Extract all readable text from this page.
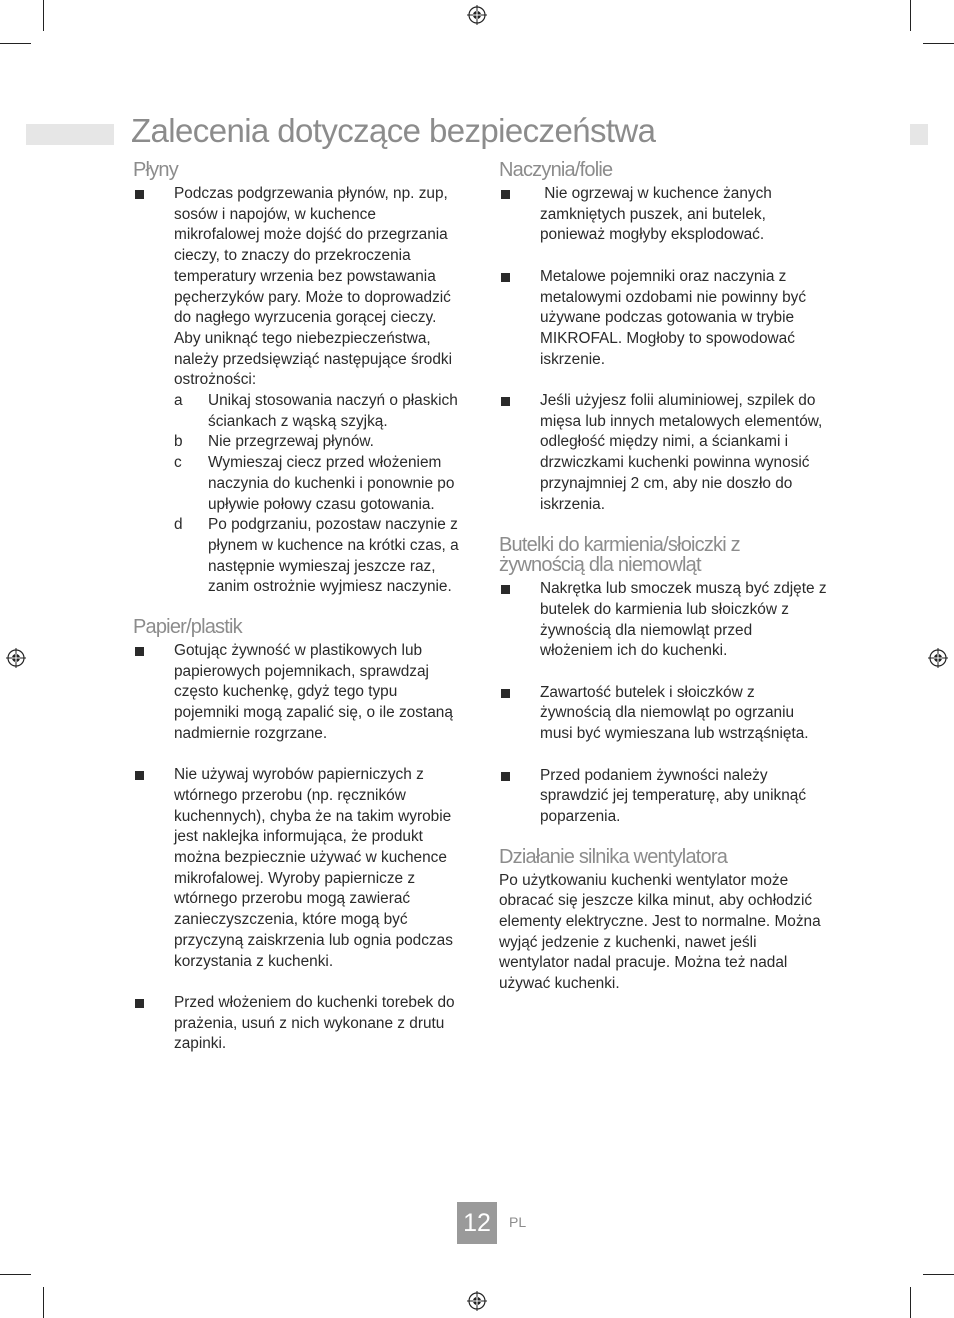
Zalecenia dotyczące bezpieczeństwa
Płyny
Podczas podgrzewania płynów, np. zup, sosów i napojów, w kuchence mikrofalowej może dojść do przegrzania cieczy, to znaczy do przekroczenia temperatury wrzenia bez powstawania pęcherzyków pary. Może to doprowadzić do nagłego wyrzucenia gorącej cieczy. Aby uniknąć tego niebezpieczeństwa, należy przedsięwziąć następujące środki ostrożności:
a Unikaj stosowania naczyń o płaskich ściankach z wąską szyjką.
b Nie przegrzewaj płynów.
c Wymieszaj ciecz przed włożeniem naczynia do kuchenki i ponownie po upływie połowy czasu gotowania.
d Po podgrzaniu, pozostaw naczynie z płynem w kuchence na krótki czas, a następnie wymieszaj jeszcze raz, zanim ostrożnie wyjmiesz naczynie.
Papier/plastik
Gotując żywność w plastikowych lub papierowych pojemnikach, sprawdzaj często kuchenkę, gdyż tego typu pojemniki mogą zapalić się, o ile zostaną nadmiernie rozgrzane.
Nie używaj wyrobów papierniczych z wtórnego przerobu (np. ręczników kuchennych), chyba że na takim wyrobie jest naklejka informująca, że produkt można bezpiecznie używać w kuchence mikrofalowej. Wyroby papiernicze z wtórnego przerobu mogą zawierać zanieczyszczenia, które mogą być przyczyną zaiskrzenia lub ognia podczas korzystania z kuchenki.
Przed włożeniem do kuchenki torebek do prażenia, usuń z nich wykonane z drutu zapinki.
Naczynia/folie
Nie ogrzewaj w kuchence żanych zamkniętych puszek, ani butelek, ponieważ mogłyby eksplodować.
Metalowe pojemniki oraz naczynia z metalowymi ozdobami nie powinny być używane podczas gotowania w trybie MIKROFAL. Mogłoby to spowodować iskrzenie.
Jeśli użyjesz folii aluminiowej, szpilek do mięsa lub innych metalowych elementów, odległość między nimi, a ściankami i drzwiczkami kuchenki powinna wynosić przynajmniej 2 cm, aby nie doszło do iskrzenia.
Butelki do karmienia/słoiczki z żywnością dla niemowląt
Nakrętka lub smoczek muszą być zdjęte z butelek do karmienia lub słoiczków z żywnością dla niemowląt przed włożeniem ich do kuchenki.
Zawartość butelek i słoiczków z żywnością dla niemowląt po ogrzaniu musi być wymieszana lub wstrząśnięta.
Przed podaniem żywności należy sprawdzić jej temperaturę, aby uniknąć poparzenia.
Działanie silnika wentylatora
Po użytkowaniu kuchenki wentylator może obracać się jeszcze kilka minut, aby ochłodzić elementy elektryczne. Jest to normalne. Można wyjąć jedzenie z kuchenki, nawet jeśli wentylator nadal pracuje. Można też nadal używać kuchenki.
12	PL
